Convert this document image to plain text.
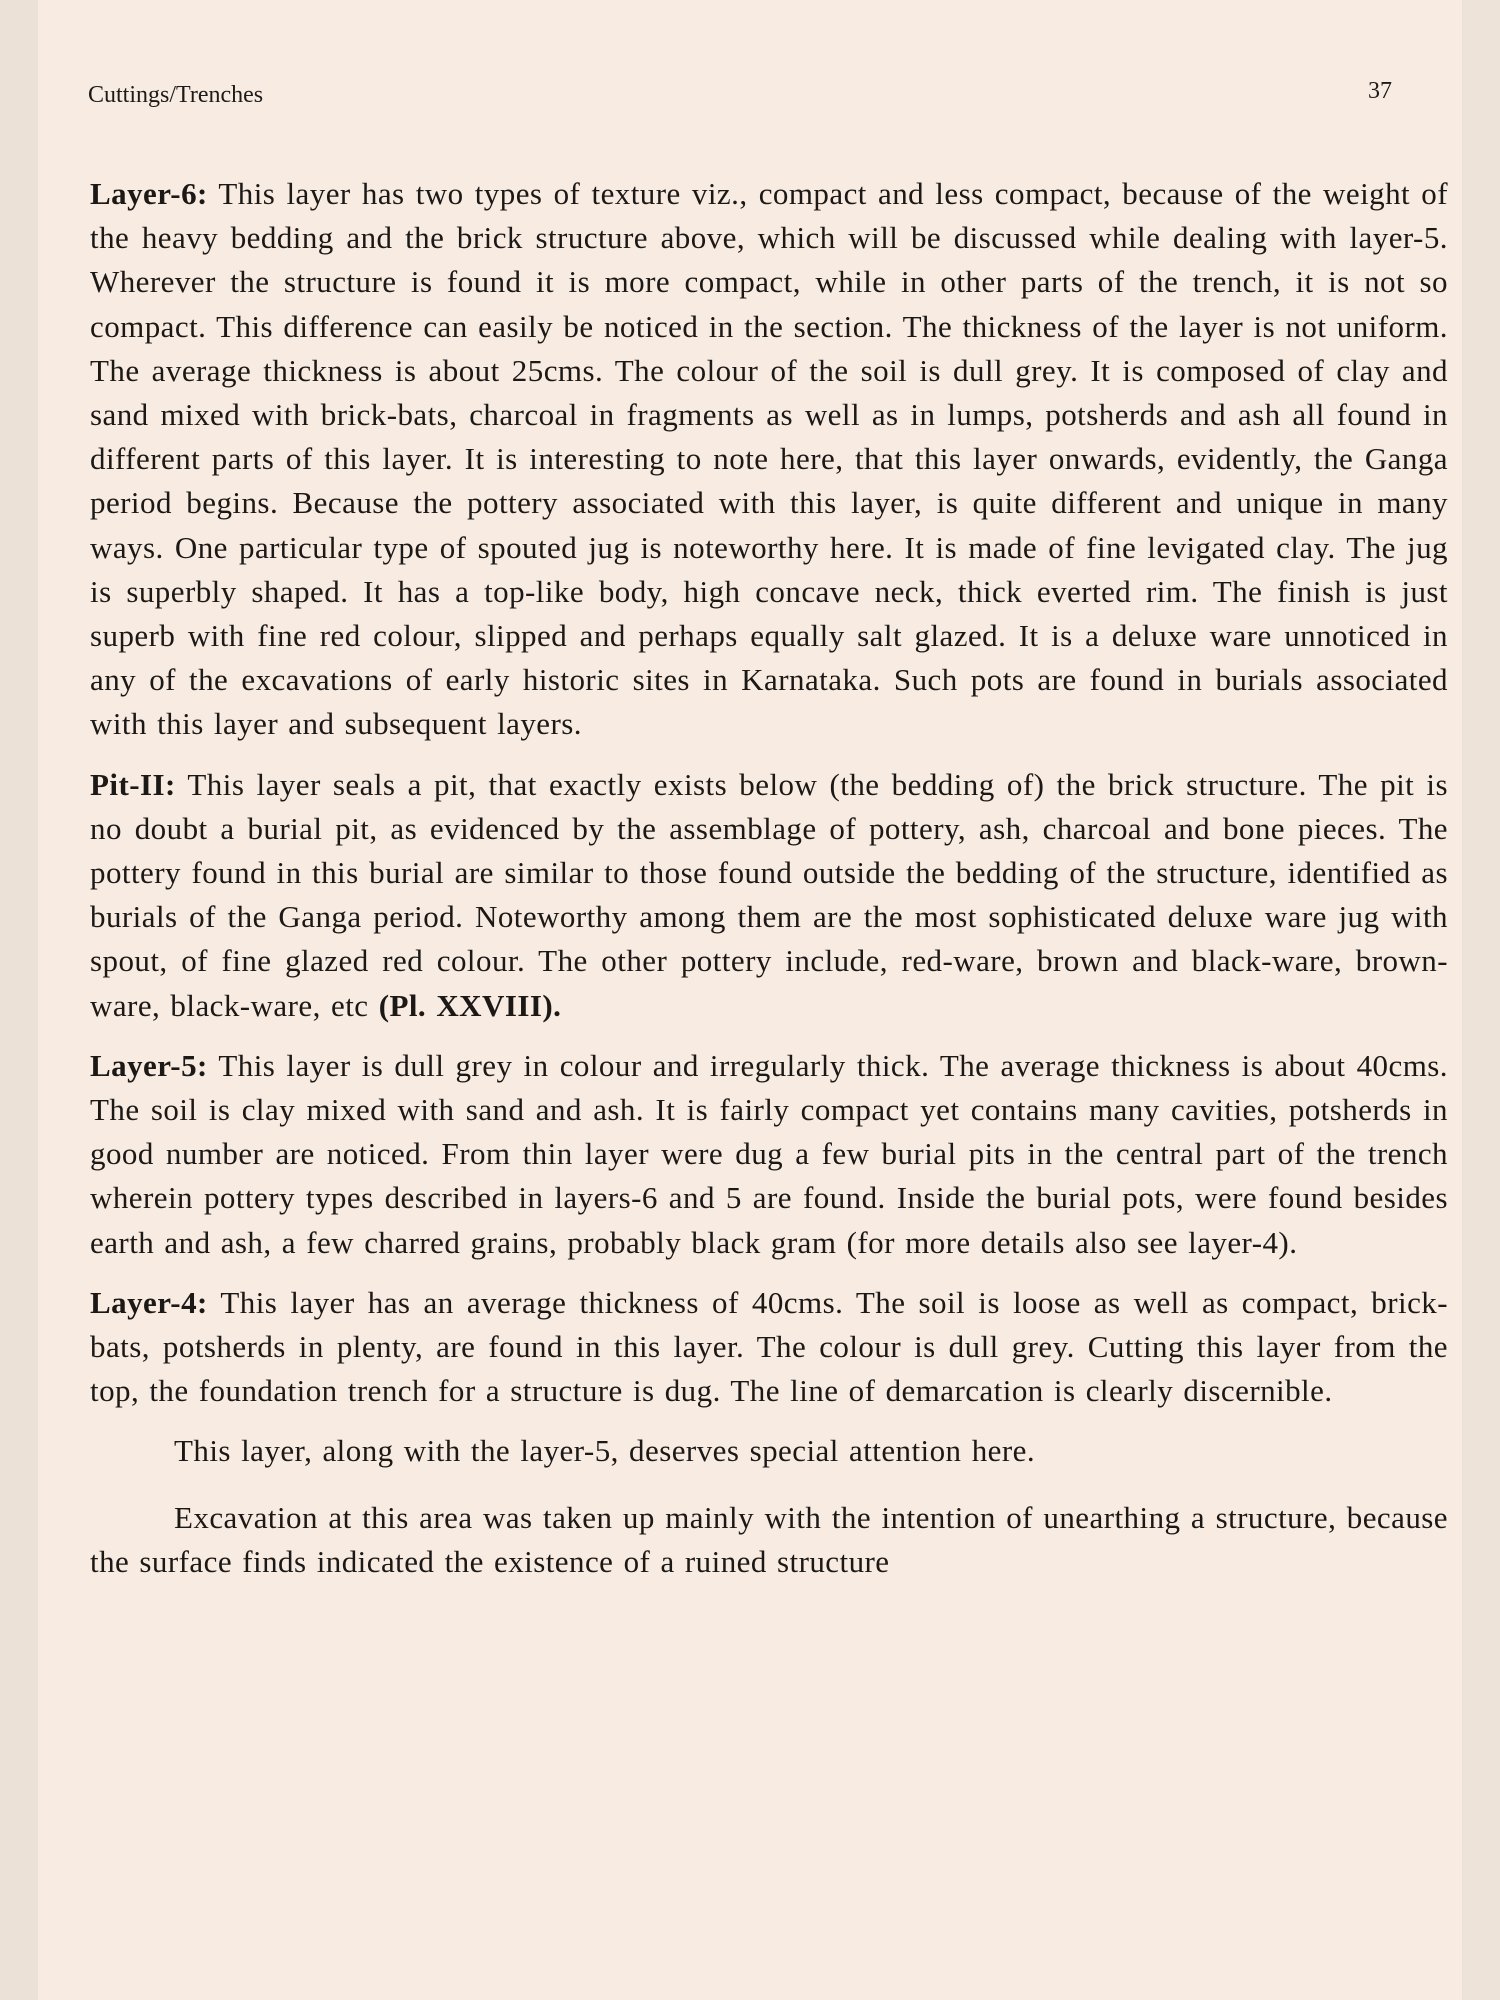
Cuttings/Trenches	37

Layer-6: This layer has two types of texture viz., compact and less compact, because of the weight of the heavy bedding and the brick structure above, which will be discussed while dealing with layer-5. Wherever the structure is found it is more compact, while in other parts of the trench, it is not so compact. This difference can easily be noticed in the section. The thickness of the layer is not uniform. The average thickness is about 25cms. The colour of the soil is dull grey. It is composed of clay and sand mixed with brick-bats, charcoal in fragments as well as in lumps, potsherds and ash all found in different parts of this layer. It is interesting to note here, that this layer onwards, evidently, the Ganga period begins. Because the pottery associated with this layer, is quite different and unique in many ways. One particular type of spouted jug is noteworthy here. It is made of fine levigated clay. The jug is superbly shaped. It has a top-like body, high concave neck, thick everted rim. The finish is just superb with fine red colour, slipped and perhaps equally salt glazed. It is a deluxe ware unnoticed in any of the excavations of early historic sites in Karnataka. Such pots are found in burials associated with this layer and subsequent layers.

Pit-II: This layer seals a pit, that exactly exists below (the bedding of) the brick structure. The pit is no doubt a burial pit, as evidenced by the assemblage of pottery, ash, charcoal and bone pieces. The pottery found in this burial are similar to those found outside the bedding of the structure, identified as burials of the Ganga period. Noteworthy among them are the most sophisticated deluxe ware jug with spout, of fine glazed red colour. The other pottery include, red-ware, brown and black-ware, brown-ware, black-ware, etc (Pl. XXVIII).

Layer-5: This layer is dull grey in colour and irregularly thick. The average thickness is about 40cms. The soil is clay mixed with sand and ash. It is fairly compact yet contains many cavities, potsherds in good number are noticed. From thin layer were dug a few burial pits in the central part of the trench wherein pottery types described in layers-6 and 5 are found. Inside the burial pots, were found besides earth and ash, a few charred grains, probably black gram (for more details also see layer-4).

Layer-4: This layer has an average thickness of 40cms. The soil is loose as well as compact, brick-bats, potsherds in plenty, are found in this layer. The colour is dull grey. Cutting this layer from the top, the foundation trench for a structure is dug. The line of demarcation is clearly discernible.

This layer, along with the layer-5, deserves special attention here.

Excavation at this area was taken up mainly with the intention of unearthing a structure, because the surface finds indicated the existence of a ruined structure
